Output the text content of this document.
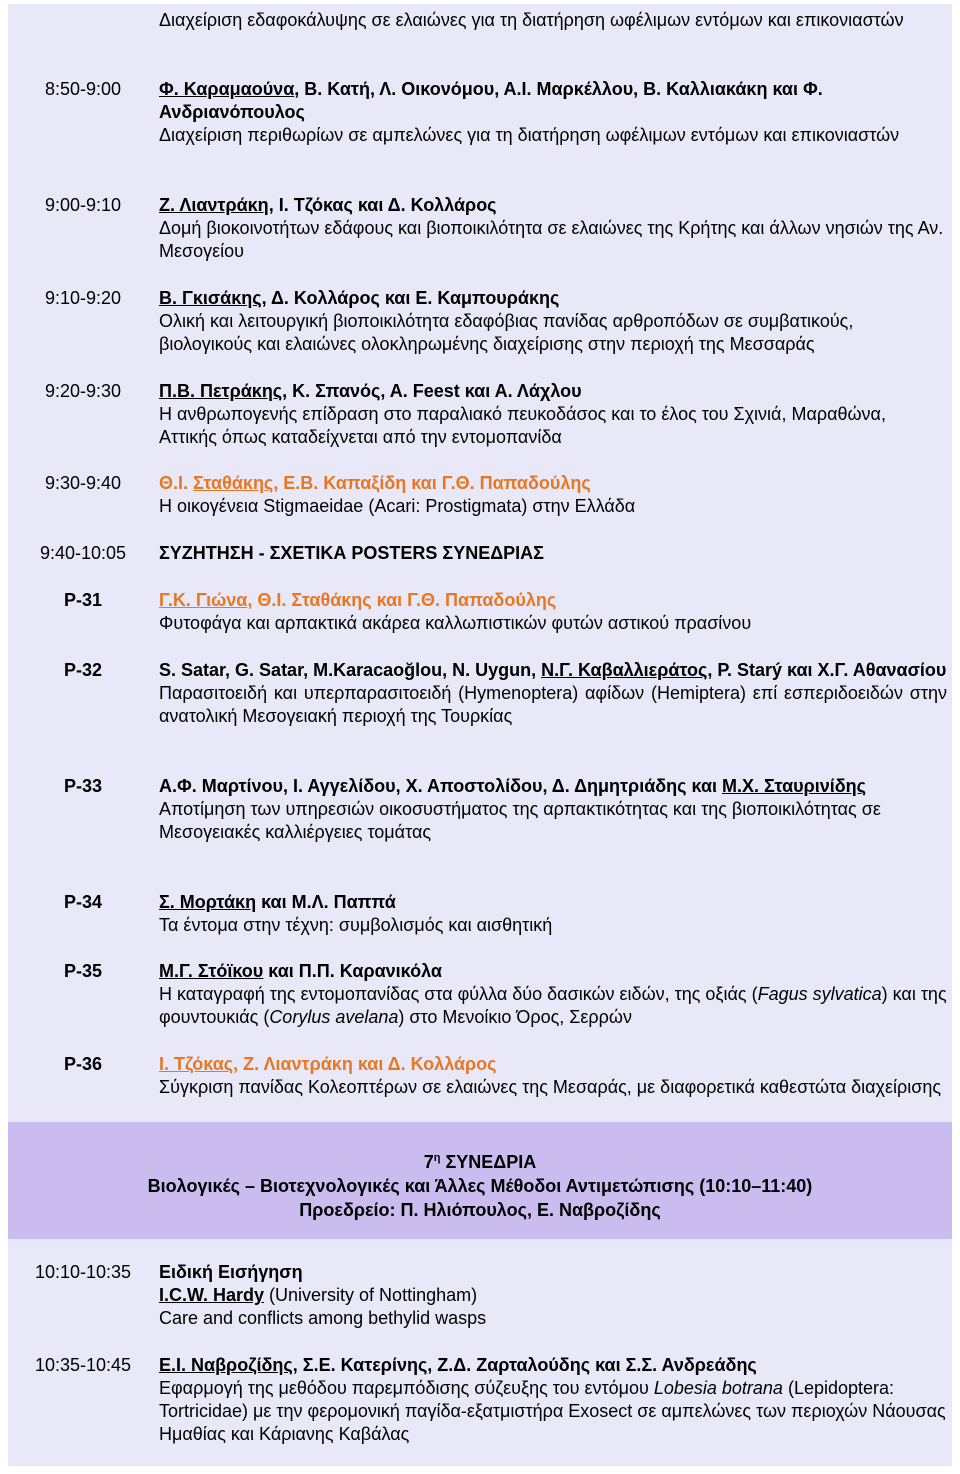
Διαχείριση εδαφοκάλυψης σε ελαιώνες για τη διατήρηση ωφέλιμων εντόμων και επικονιαστών
8:50-9:00	Φ. Καραμαούνα, Β. Κατή, Λ. Οικονόμου, Α.Ι. Μαρκέλλου, Β. Καλλιακάκη και Φ. Ανδριανόπουλος
Διαχείριση περιθωρίων σε αμπελώνες για τη διατήρηση ωφέλιμων εντόμων και επικονιαστών
9:00-9:10	Ζ. Λιαντράκη, Ι. Τζόκας και Δ. Κολλάρος
Δομή βιοκοινοτήτων εδάφους και βιοποικιλότητα σε ελαιώνες της Κρήτης και άλλων νησιών της Αν. Μεσογείου
9:10-9:20	Β. Γκισάκης, Δ. Κολλάρος και Ε. Καμπουράκης
Ολική και λειτουργική βιοποικιλότητα εδαφόβιας πανίδας αρθροπόδων σε συμβατικούς, βιολογικούς και ελαιώνες ολοκληρωμένης διαχείρισης στην περιοχή της Μεσσαράς
9:20-9:30	Π.Β. Πετράκης, Κ. Σπανός, Α. Feest και Α. Λάχλου
Η ανθρωπογενής επίδραση στο παραλιακό πευκοδάσος και το έλος του Σχινιά, Μαραθώνα, Αττικής όπως καταδείχνεται από την εντομοπανίδα
9:30-9:40	Θ.Ι. Σταθάκης, Ε.Β. Καπαξίδη και Γ.Θ. Παπαδούλης
Η οικογένεια Stigmaeidae (Acari: Prostigmata) στην Ελλάδα
9:40-10:05	ΣΥΖΗΤΗΣΗ - ΣΧΕΤΙΚΑ POSTERS ΣΥΝΕΔΡΙΑΣ
P-31	Γ.Κ. Γιώνα, Θ.Ι. Σταθάκης και Γ.Θ. Παπαδούλης
Φυτοφάγα και αρπακτικά ακάρεα καλλωπιστικών φυτών αστικού πρασίνου
P-32	S. Satar, G. Satar, M.Karacaoğlou, N. Uygun, Ν.Γ. Καβαλλιεράτος, P. Starý και Χ.Γ. Αθανασίου
Παρασιτοειδή και υπερπαρασιτοειδή (Hymenoptera) αφίδων (Hemiptera) επί εσπεριδοειδών στην ανατολική Μεσογειακή περιοχή της Τουρκίας
P-33	Α.Φ. Μαρτίνου, Ι. Αγγελίδου, Χ. Αποστολίδου, Δ. Δημητριάδης και Μ.Χ. Σταυρινίδης
Αποτίμηση των υπηρεσιών οικοσυστήματος της αρπακτικότητας και της βιοποικιλότητας σε Μεσογειακές καλλιέργειες τομάτας
P-34	Σ. Μορτάκη και Μ.Λ. Παππά
Τα έντομα στην τέχνη: συμβολισμός και αισθητική
P-35	Μ.Γ. Στόϊκου και Π.Π. Καρανικόλα
Η καταγραφή της εντομοπανίδας στα φύλλα δύο δασικών ειδών, της οξιάς (Fagus sylvatica) και της φουντουκιάς (Corylus avelana) στο Μενοίκιο Όρος, Σερρών
P-36	Ι. Τζόκας, Ζ. Λιαντράκη και Δ. Κολλάρος
Σύγκριση πανίδας Κολεοπτέρων σε ελαιώνες της Μεσαράς, με διαφορετικά καθεστώτα διαχείρισης
$7^\eta$ ΣΥΝΕΔΡΙΑ
Βιολογικές – Βιοτεχνολογικές και Άλλες Μέθοδοι Αντιμετώπισης (10:10–11:40)
Προεδρείο: Π. Ηλιόπουλος, Ε. Ναβροζίδης
10:10-10:35	Ειδική Εισήγηση
I.C.W. Hardy (University of Nottingham)
Care and conflicts among bethylid wasps
10:35-10:45	Ε.Ι. Ναβροζίδης, Σ.Ε. Κατερίνης, Ζ.Δ. Ζαρταλούδης και Σ.Σ. Ανδρεάδης
Εφαρμογή της μεθόδου παρεμπόδισης σύζευξης του εντόμου Lobesia botrana (Lepidoptera: Tortricidae) με την φερομονική παγίδα-εξατμιστήρα Exosect σε αμπελώνες των περιοχών Νάουσας Ημαθίας και Κάριανης Καβάλας
